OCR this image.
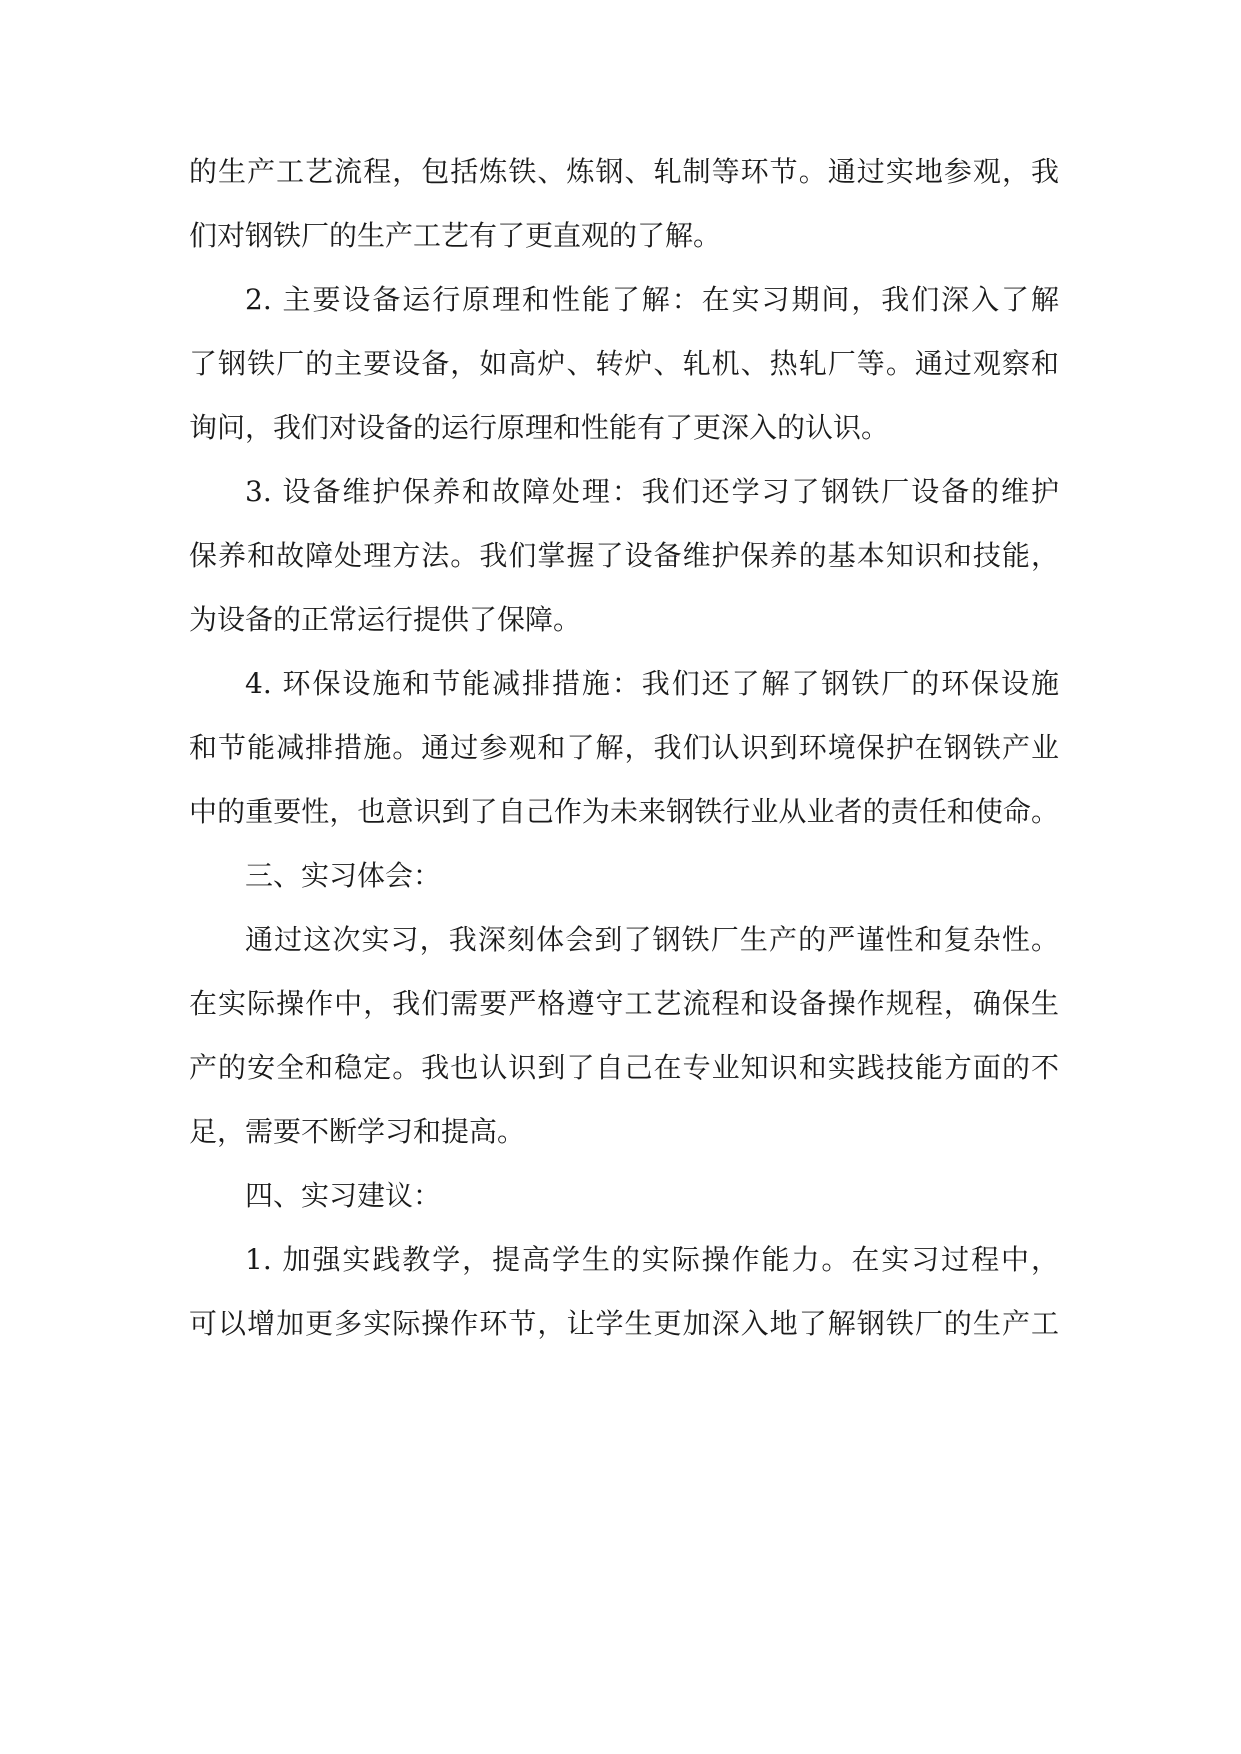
的生产工艺流程，包括炼铁、炼钢、轧制等环节。通过实地参观，我
们对钢铁厂的生产工艺有了更直观的了解。
2. 主要设备运行原理和性能了解：在实习期间，我们深入了解
了钢铁厂的主要设备，如高炉、转炉、轧机、热轧厂等。通过观察和
询问，我们对设备的运行原理和性能有了更深入的认识。
3. 设备维护保养和故障处理：我们还学习了钢铁厂设备的维护
保养和故障处理方法。我们掌握了设备维护保养的基本知识和技能，
为设备的正常运行提供了保障。
4. 环保设施和节能减排措施：我们还了解了钢铁厂的环保设施
和节能减排措施。通过参观和了解，我们认识到环境保护在钢铁产业
中的重要性，也意识到了自己作为未来钢铁行业从业者的责任和使命。
三、实习体会：
通过这次实习，我深刻体会到了钢铁厂生产的严谨性和复杂性。
在实际操作中，我们需要严格遵守工艺流程和设备操作规程，确保生
产的安全和稳定。我也认识到了自己在专业知识和实践技能方面的不
足，需要不断学习和提高。
四、实习建议：
1. 加强实践教学，提高学生的实际操作能力。在实习过程中，
可以增加更多实际操作环节，让学生更加深入地了解钢铁厂的生产工
